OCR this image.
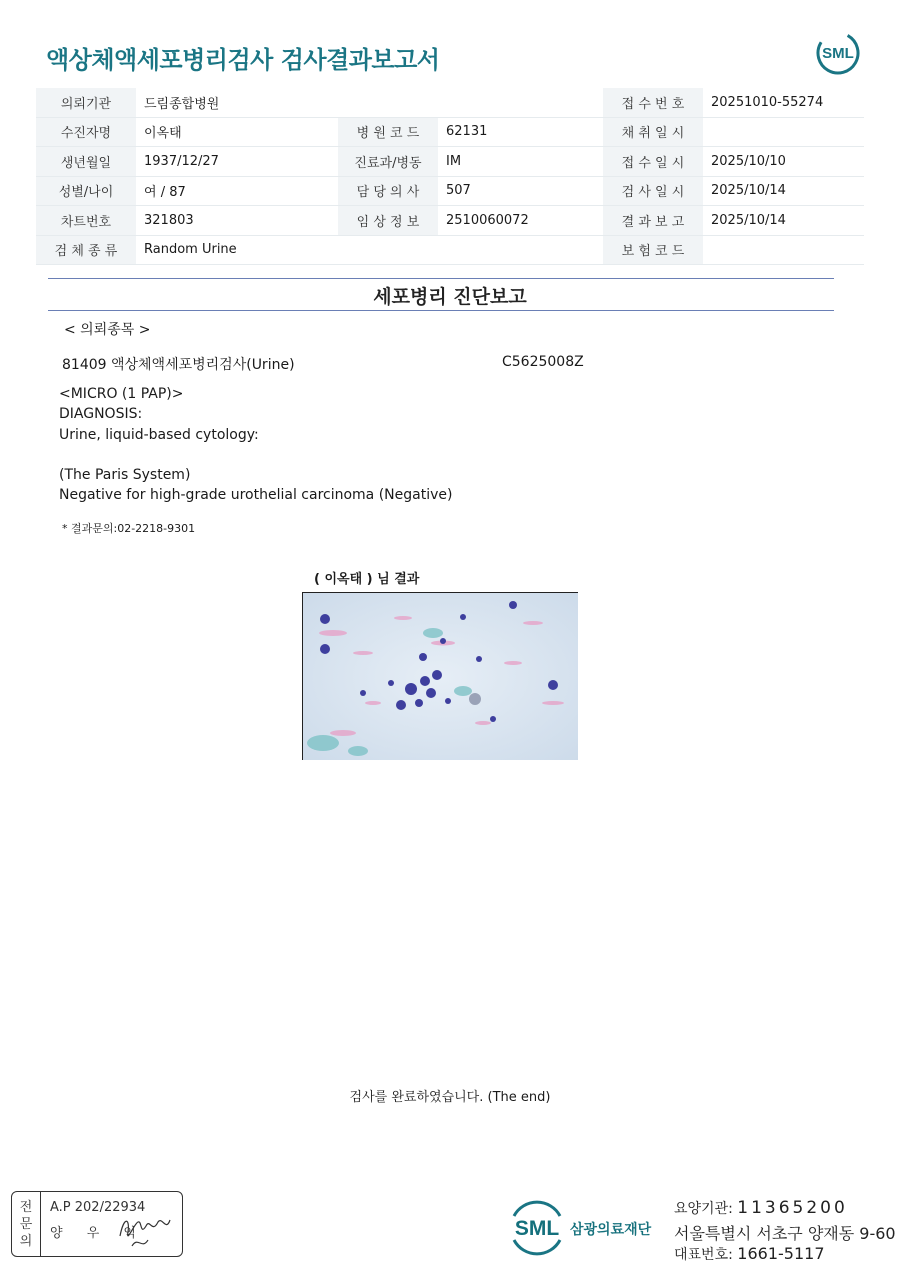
액상체액세포병리검사 검사결과보고서	SML
의뢰기관	드림종합병원			접 수 번 호	20251010-55274
수진자명	이옥태	병 원 코 드	62131	채 취 일 시	
생년월일	1937/12/27	진료과/병동	IM	접 수 일 시	2025/10/10
성별/나이	여 / 87	담 당 의 사	507	검 사 일 시	2025/10/14
차트번호	321803	임 상 정 보	2510060072	결 과 보 고	2025/10/14
검 체 종 류	Random Urine			보 험 코 드	
세포병리 진단보고
< 의뢰종목 >
81409 액상체액세포병리검사(Urine)	C5625008Z
<MICRO (1 PAP)>
DIAGNOSIS:
Urine, liquid-based cytology:
(The Paris System)
Negative for high-grade urothelial carcinoma (Negative)
* 결과문의:02-2218-9301
( 이옥태 ) 님 결과
검사를 완료하였습니다. (The end)
전
문
의
A.P 202/22934
양 우 익	SML 삼광의료재단
요양기관: 11365200
서울특별시 서초구 양재동 9-60
대표번호: 1661-5117
